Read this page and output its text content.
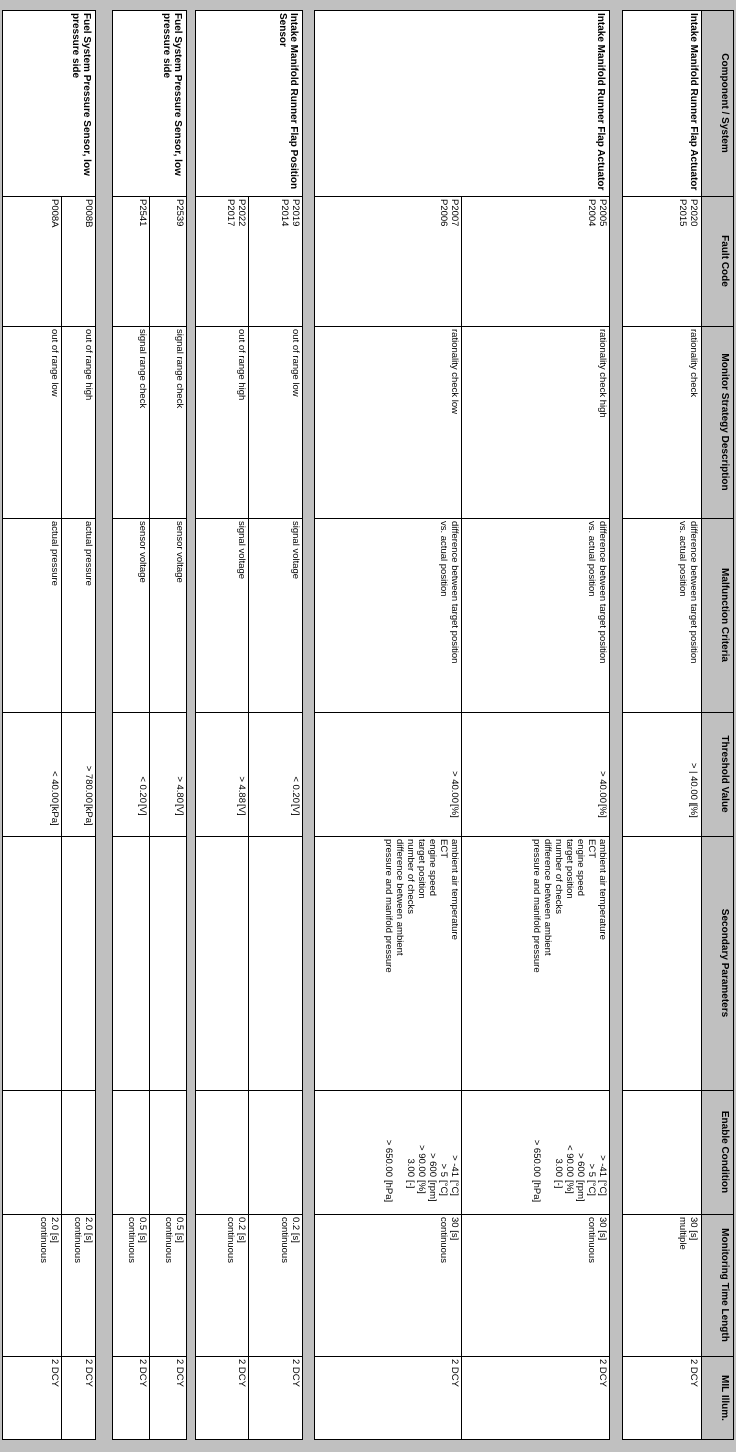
Component / System
Fault Code
Monitor Strategy Description
Malfunction Criteria
Threshold Value
Secondary Parameters
Enable Condition
Monitoring Time Length
MIL Illum.
Intake Manifold Runner Flap Actuator
P2020
P2015
rationality check
difference between target position
vs. actual position
> | 40.00 |
[%]
30 [s]
multiple
2 DCY
Intake Manifold Runner Flap Actuator
P2005
P2004
rationality check high
difference between target position
vs. actual position
> 40.00
[%]
ambient air temperature
ECT
engine speed
target position
number of checks
difference between ambient
pressure and manifold pressure
> -41
[°C]
> 5
[°C]
> 600
[rpm]
< 90.00
[%]
3.00
[-]
> 650.00
[hPa]
30 [s]
continuous
2 DCY
P2007
P2006
rationality check low
difference between target position
vs. actual position
> 40.00
[%]
ambient air temperature
ECT
engine speed
target position
number of checks
difference between ambient
pressure and manifold pressure
> -41
[°C]
> 5
[°C]
> 600
[rpm]
> 90.00
[%]
3.00
[-]
> 650.00
[hPa]
30 [s]
continuous
2 DCY
Intake Manifold Runner Flap Position Sensor
P2019
P2014
out of range low
signal voltage
< 0.20
[V]
0.2 [s]
continuous
2 DCY
P2022
P2017
out of range high
signal voltage
> 4.88
[V]
0.2 [s]
continuous
2 DCY
Fuel System Pressure Sensor, low pressure side
P2539
signal range check
sensor voltage
> 4.80
[V]
0.5 [s]
continuous
2 DCY
P2541
signal range check
sensor voltage
< 0.20
[V]
0.5 [s]
continuous
2 DCY
Fuel System Pressure Sensor, low pressure side
P008B
out of range high
actual pressure
> 780.00
[kPa]
2.0 [s]
continuous
2 DCY
P008A
out of range low
actual pressure
< 40.00
[kPa]
2.0 [s]
continuous
2 DCY
